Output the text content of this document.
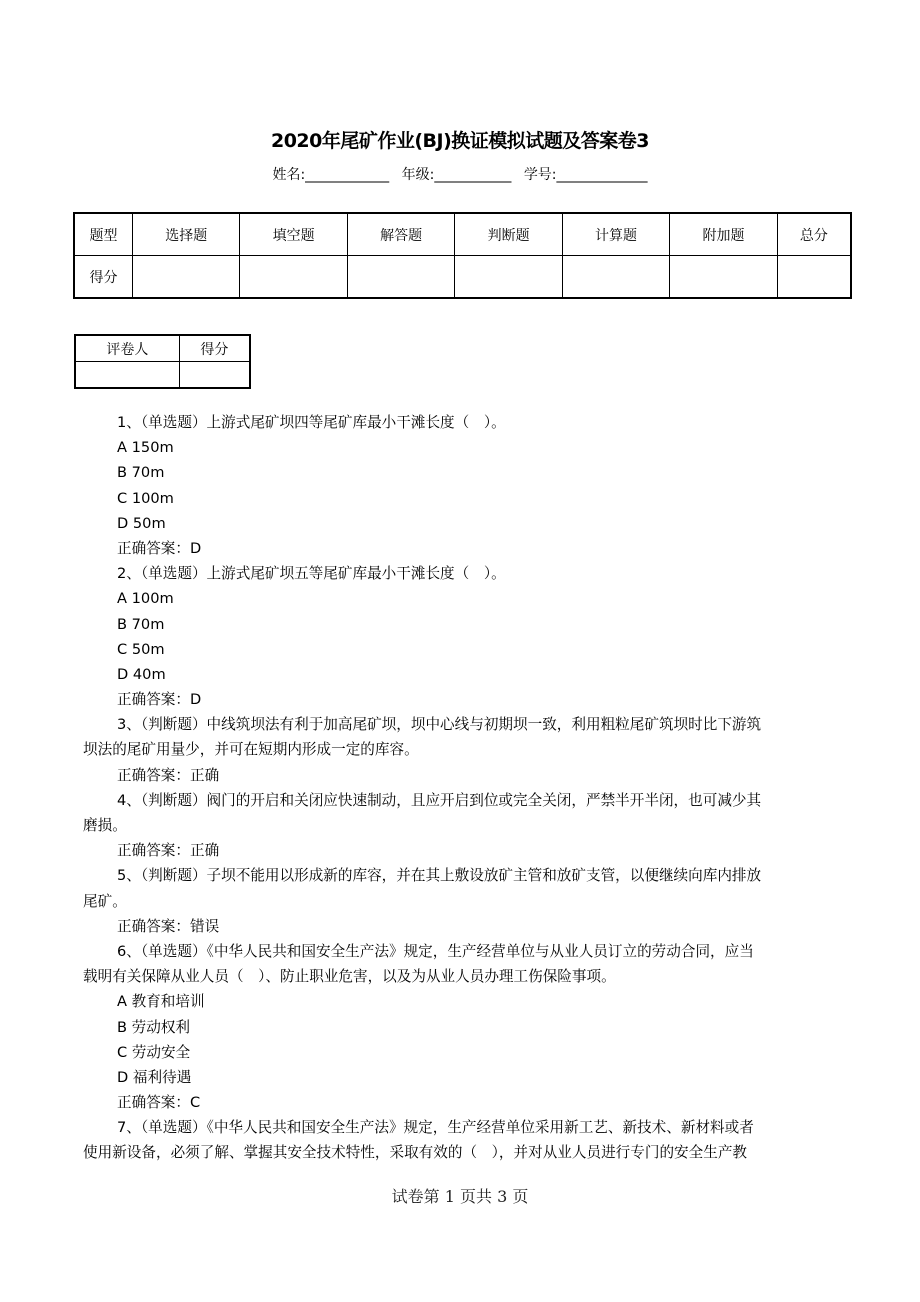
2020年尾矿作业(BJ)换证模拟试题及答案卷3
姓名:____________ 年级:___________ 学号:_____________
题型	选择题	填空题	解答题	判断题	计算题	附加题	总分
得分							
评卷人	得分

1、（单选题）上游式尾矿坝四等尾矿库最小干滩长度（　）。
A 150m
B 70m
C 100m
D 50m
正确答案：D
2、（单选题）上游式尾矿坝五等尾矿库最小干滩长度（　）。
A 100m
B 70m
C 50m
D 40m
正确答案：D
3、（判断题）中线筑坝法有利于加高尾矿坝，坝中心线与初期坝一致，利用粗粒尾矿筑坝时比下游筑
坝法的尾矿用量少，并可在短期内形成一定的库容。
正确答案：正确
4、（判断题）阀门的开启和关闭应快速制动，且应开启到位或完全关闭，严禁半开半闭，也可减少其
磨损。
正确答案：正确
5、（判断题）子坝不能用以形成新的库容，并在其上敷设放矿主管和放矿支管，以便继续向库内排放
尾矿。
正确答案：错误
6、（单选题）《中华人民共和国安全生产法》规定，生产经营单位与从业人员订立的劳动合同，应当
载明有关保障从业人员（　）、防止职业危害，以及为从业人员办理工伤保险事项。
A 教育和培训
B 劳动权利
C 劳动安全
D 福利待遇
正确答案：C
7、（单选题）《中华人民共和国安全生产法》规定，生产经营单位采用新工艺、新技术、新材料或者
使用新设备，必须了解、掌握其安全技术特性，采取有效的（　），并对从业人员进行专门的安全生产教
试卷第 1 页共 3 页
